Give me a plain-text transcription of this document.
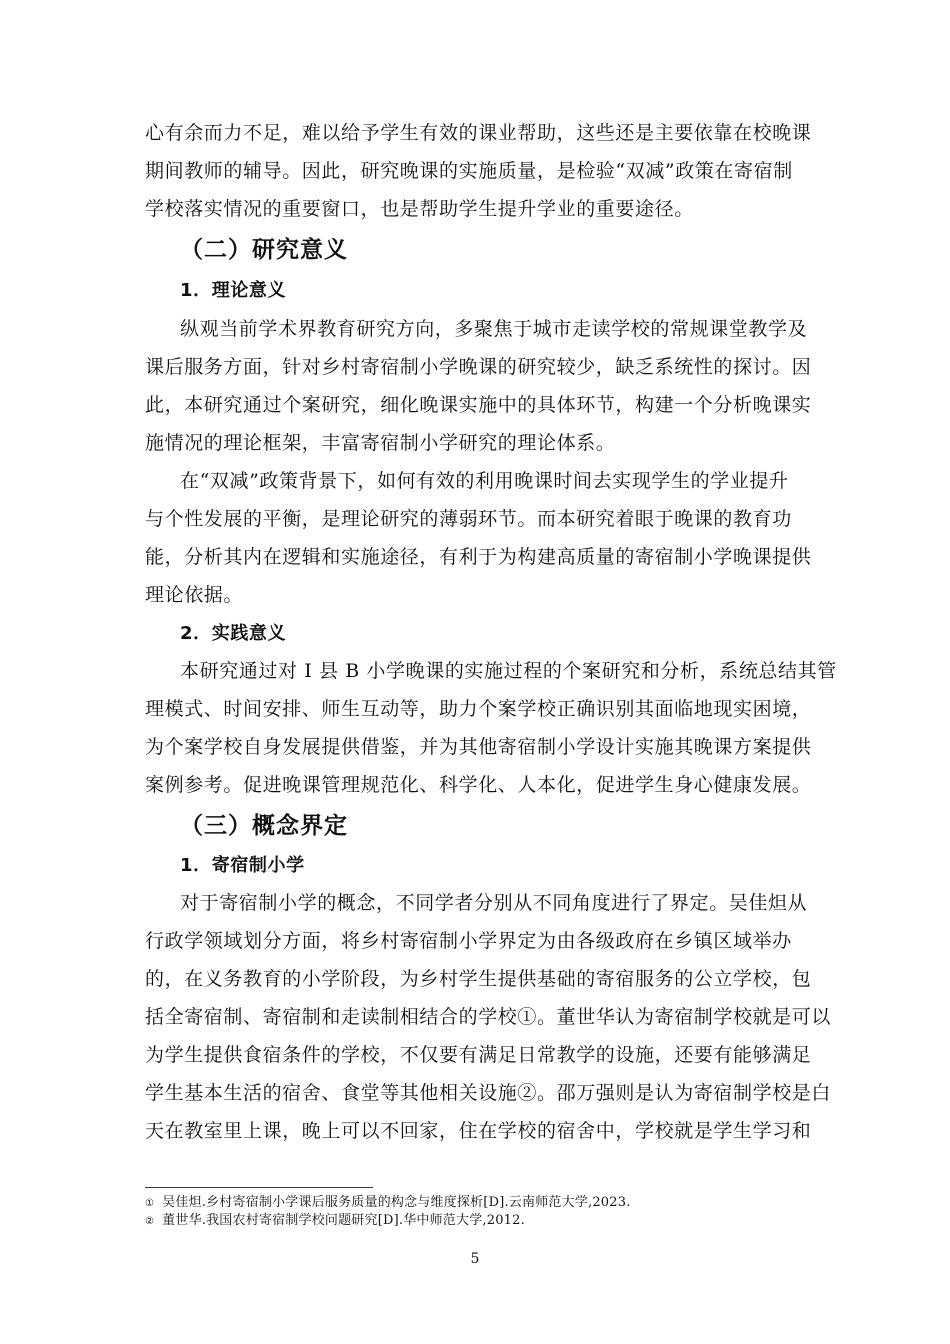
心有余而力不足，难以给予学生有效的课业帮助，这些还是主要依靠在校晚课
期间教师的辅导。因此，研究晚课的实施质量，是检验“双减”政策在寄宿制
学校落实情况的重要窗口，也是帮助学生提升学业的重要途径。
（二）研究意义
1．理论意义
纵观当前学术界教育研究方向，多聚焦于城市走读学校的常规课堂教学及
课后服务方面，针对乡村寄宿制小学晚课的研究较少，缺乏系统性的探讨。因
此，本研究通过个案研究，细化晚课实施中的具体环节，构建一个分析晚课实
施情况的理论框架，丰富寄宿制小学研究的理论体系。
在“双减”政策背景下，如何有效的利用晚课时间去实现学生的学业提升
与个性发展的平衡，是理论研究的薄弱环节。而本研究着眼于晚课的教育功
能，分析其内在逻辑和实施途径，有利于为构建高质量的寄宿制小学晚课提供
理论依据。
2．实践意义
本研究通过对 I 县 B 小学晚课的实施过程的个案研究和分析，系统总结其管
理模式、时间安排、师生互动等，助力个案学校正确识别其面临地现实困境，
为个案学校自身发展提供借鉴，并为其他寄宿制小学设计实施其晚课方案提供
案例参考。促进晚课管理规范化、科学化、人本化，促进学生身心健康发展。
（三）概念界定
1．寄宿制小学
对于寄宿制小学的概念，不同学者分别从不同角度进行了界定。吴佳炟从
行政学领域划分方面，将乡村寄宿制小学界定为由各级政府在乡镇区域举办
的，在义务教育的小学阶段，为乡村学生提供基础的寄宿服务的公立学校，包
括全寄宿制、寄宿制和走读制相结合的学校①。董世华认为寄宿制学校就是可以
为学生提供食宿条件的学校，不仅要有满足日常教学的设施，还要有能够满足
学生基本生活的宿舍、食堂等其他相关设施②。邵万强则是认为寄宿制学校是白
天在教室里上课，晚上可以不回家，住在学校的宿舍中，学校就是学生学习和
① 吴佳炟.乡村寄宿制小学课后服务质量的构念与维度探析[D].云南师范大学,2023.
② 董世华.我国农村寄宿制学校问题研究[D].华中师范大学,2012.
5
